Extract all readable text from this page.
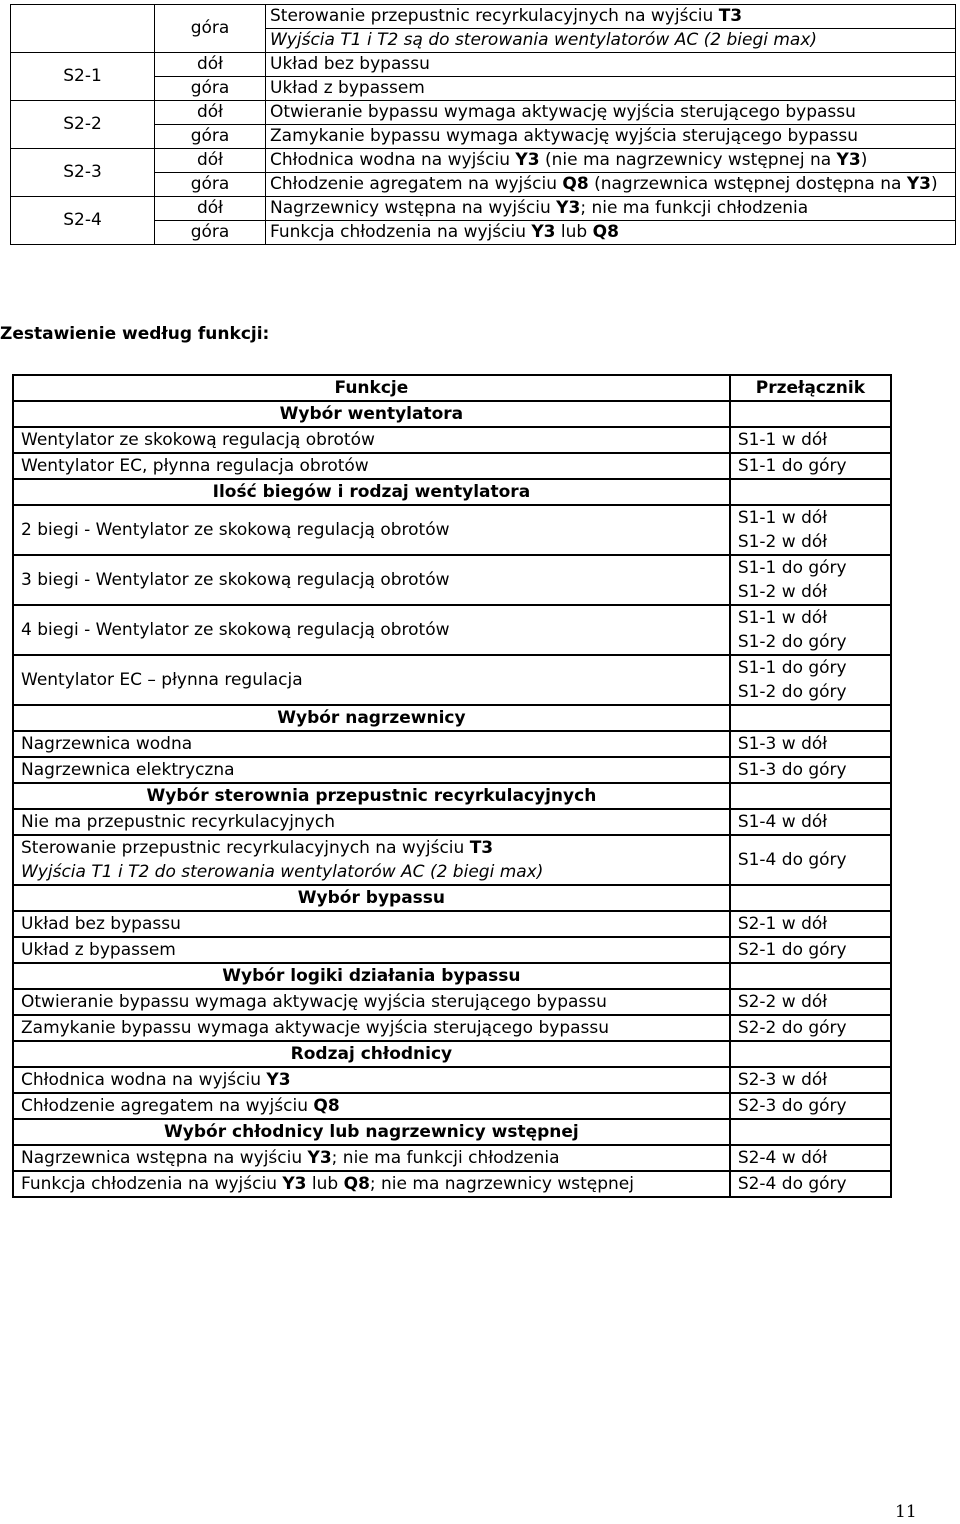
	góra	Sterowanie przepustnic recyrkulacyjnych na wyjściu T3
		Wyjścia T1 i T2 są do sterowania wentylatorów AC (2 biegi max)
S2-1	dół	Układ bez bypassu
	góra	Układ z bypassem
S2-2	dół	Otwieranie bypassu wymaga aktywację wyjścia sterującego bypassu
	góra	Zamykanie bypassu wymaga aktywację wyjścia sterującego bypassu
S2-3	dół	Chłodnica wodna na wyjściu Y3 (nie ma nagrzewnicy wstępnej na Y3)
	góra	Chłodzenie agregatem na wyjściu Q8 (nagrzewnica wstępnej dostępna na Y3)
S2-4	dół	Nagrzewnicy wstępna na wyjściu Y3; nie ma funkcji chłodzenia
	góra	Funkcja chłodzenia na wyjściu Y3 lub Q8
Zestawienie według funkcji:
Funkcje	Przełącznik
Wybór wentylatora	
Wentylator ze skokową regulacją obrotów	S1-1 w dół
Wentylator EC, płynna regulacja obrotów	S1-1 do góry
Ilość biegów i rodzaj wentylatora	
2 biegi - Wentylator ze skokową regulacją obrotów	S1-1 w dół
S1-2 w dół

3 biegi - Wentylator ze skokową regulacją obrotów	S1-1 do góry
S1-2 w dół

4 biegi - Wentylator ze skokową regulacją obrotów	S1-1 w dół
S1-2 do góry

Wentylator EC – płynna regulacja	S1-1 do góry
S1-2 do góry

Wybór nagrzewnicy	
Nagrzewnica wodna	S1-3 w dół
Nagrzewnica elektryczna	S1-3 do góry
Wybór sterownia przepustnic recyrkulacyjnych	
Nie ma przepustnic recyrkulacyjnych	S1-4 w dół

Sterowanie przepustnic recyrkulacyjnych na wyjściu T3
Wyjścia T1 i T2 do sterowania wentylatorów AC (2 biegi max)	S1-4 do góry
Wybór bypassu	
Układ bez bypassu	S2-1 w dół
Układ z bypassem	S2-1 do góry
Wybór logiki działania bypassu	
Otwieranie bypassu wymaga aktywację wyjścia sterującego bypassu	S2-2 w dół
Zamykanie bypassu wymaga aktywacje wyjścia sterującego bypassu	S2-2 do góry
Rodzaj chłodnicy	
Chłodnica wodna na wyjściu Y3	S2-3 w dół
Chłodzenie agregatem na wyjściu Q8	S2-3 do góry
Wybór chłodnicy lub nagrzewnicy wstępnej	
Nagrzewnica wstępna na wyjściu Y3; nie ma funkcji chłodzenia	S2-4 w dół
Funkcja chłodzenia na wyjściu Y3 lub Q8; nie ma nagrzewnicy wstępnej	S2-4 do góry
11
